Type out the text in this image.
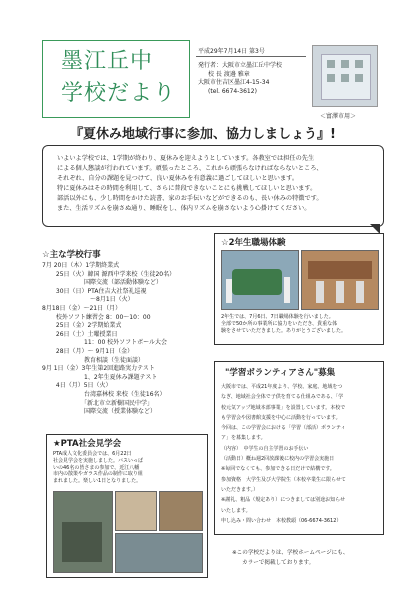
墨江丘中
学校だより
平成29年7月14日 第3号
発行者：大阪市立墨江丘中学校
校 長 渡邊 雅章
大阪市住吉区墨江4-15-34
(tel. 6674-3612)
＜富澤市用＞
『夏休み地域行事に参加、協力しましょう』!
いよいよ学校では、1学期が終わり、夏休みを迎えようとしています。各教室では担任の先生
による個人懇談が行われています。頑張ったところ、これから頑張らなければならないところ、
それぞれ、自分の課題を見つけて、良い夏休みを有意義に過ごしてほしいと思います。
特に夏休みはその時間を利用して、さらに普段できないことにも挑戦してほしいと思います。
部活以外にも、少し時間をかけた読書、家のお手伝いなどができるのも、長い休みの特徴です。
また、生活リズムを崩さぬ通り、睡眠をし、体内リズムを崩さないよう心掛けてください。
☆主な学校行事
7月 20日（木）1学期終業式
　　 25日（火）韓国 源西中学来校（生徒20名）
　　　　　　　国際交流（部活動体験など）
　　 30日（日）PTA住吉大社祭礼巡視
　　　　　　　　〜8月1日（火）
8月18日（金）〜21日（月）
　　 校外ソフト練習会 8：00〜10：00
　　 25日（金）2学期始業式
　　 26日（土）土曜授業日
　　　　　　　11：00 校外ソフトボール大会
　　 28日（月）〜 9月1日（金）
　　　　　　　教育相談（生徒面談）
9月 1日（金）3年生第2回進路実力テスト
　　　　　　　1、2年生夏休み課題テスト
　　 4日（月）5日（火）
　　　　　　　台湾嘉林校 来校（生徒16名）
　　　　　　　「新北市立新樹国民中学」
　　　　　　　国際交流（授業体験など）
☆2年生職場体験
2年生では、7月6日、7日職場体験を行いました。
全部で50か所の事業所に協力をいただき、貴重な体
験をさせていただきました。ありがとうございました。
★PTA社会見学会
PTA成人文化委員会では、6月22日
社会見学会を実施しました。バスいっぱ
いの46名の皆さまの参加で、近江八幡
市内の散策やガラス作品の制作に取り組
まれました。楽しい1日となりました。
"学習ボランティアさん"募集
大阪市では、平成21年度より、学校、家庭、地域をつ
なぎ、地域社会全体で子供を育てる仕組みである、「学
校元気アップ地域本部事業」を設置しています。本校で
も学習会や図書館支援を中心に活動を行っています。
今回は、この学習会における「学習（部活）ボランティ
ア」を募集します。
（内容）　中学生の自主学習のお手伝い
（活動日）概ね週2回放課後に校内の学習会実施日
※毎回でなくても、参加できる日だけで結構です。
参加資格　大学生及び大学院生（本校卒業生に限らせて
いただきます。）
※謝礼、粗品（規定あり）につきましては別途お知らせ
いたします。
申し込み・問い合わせ　本校教頭（06-6674-3612）
※この学校だよりは、学校ホームページにも、
カラーで掲載しております。
